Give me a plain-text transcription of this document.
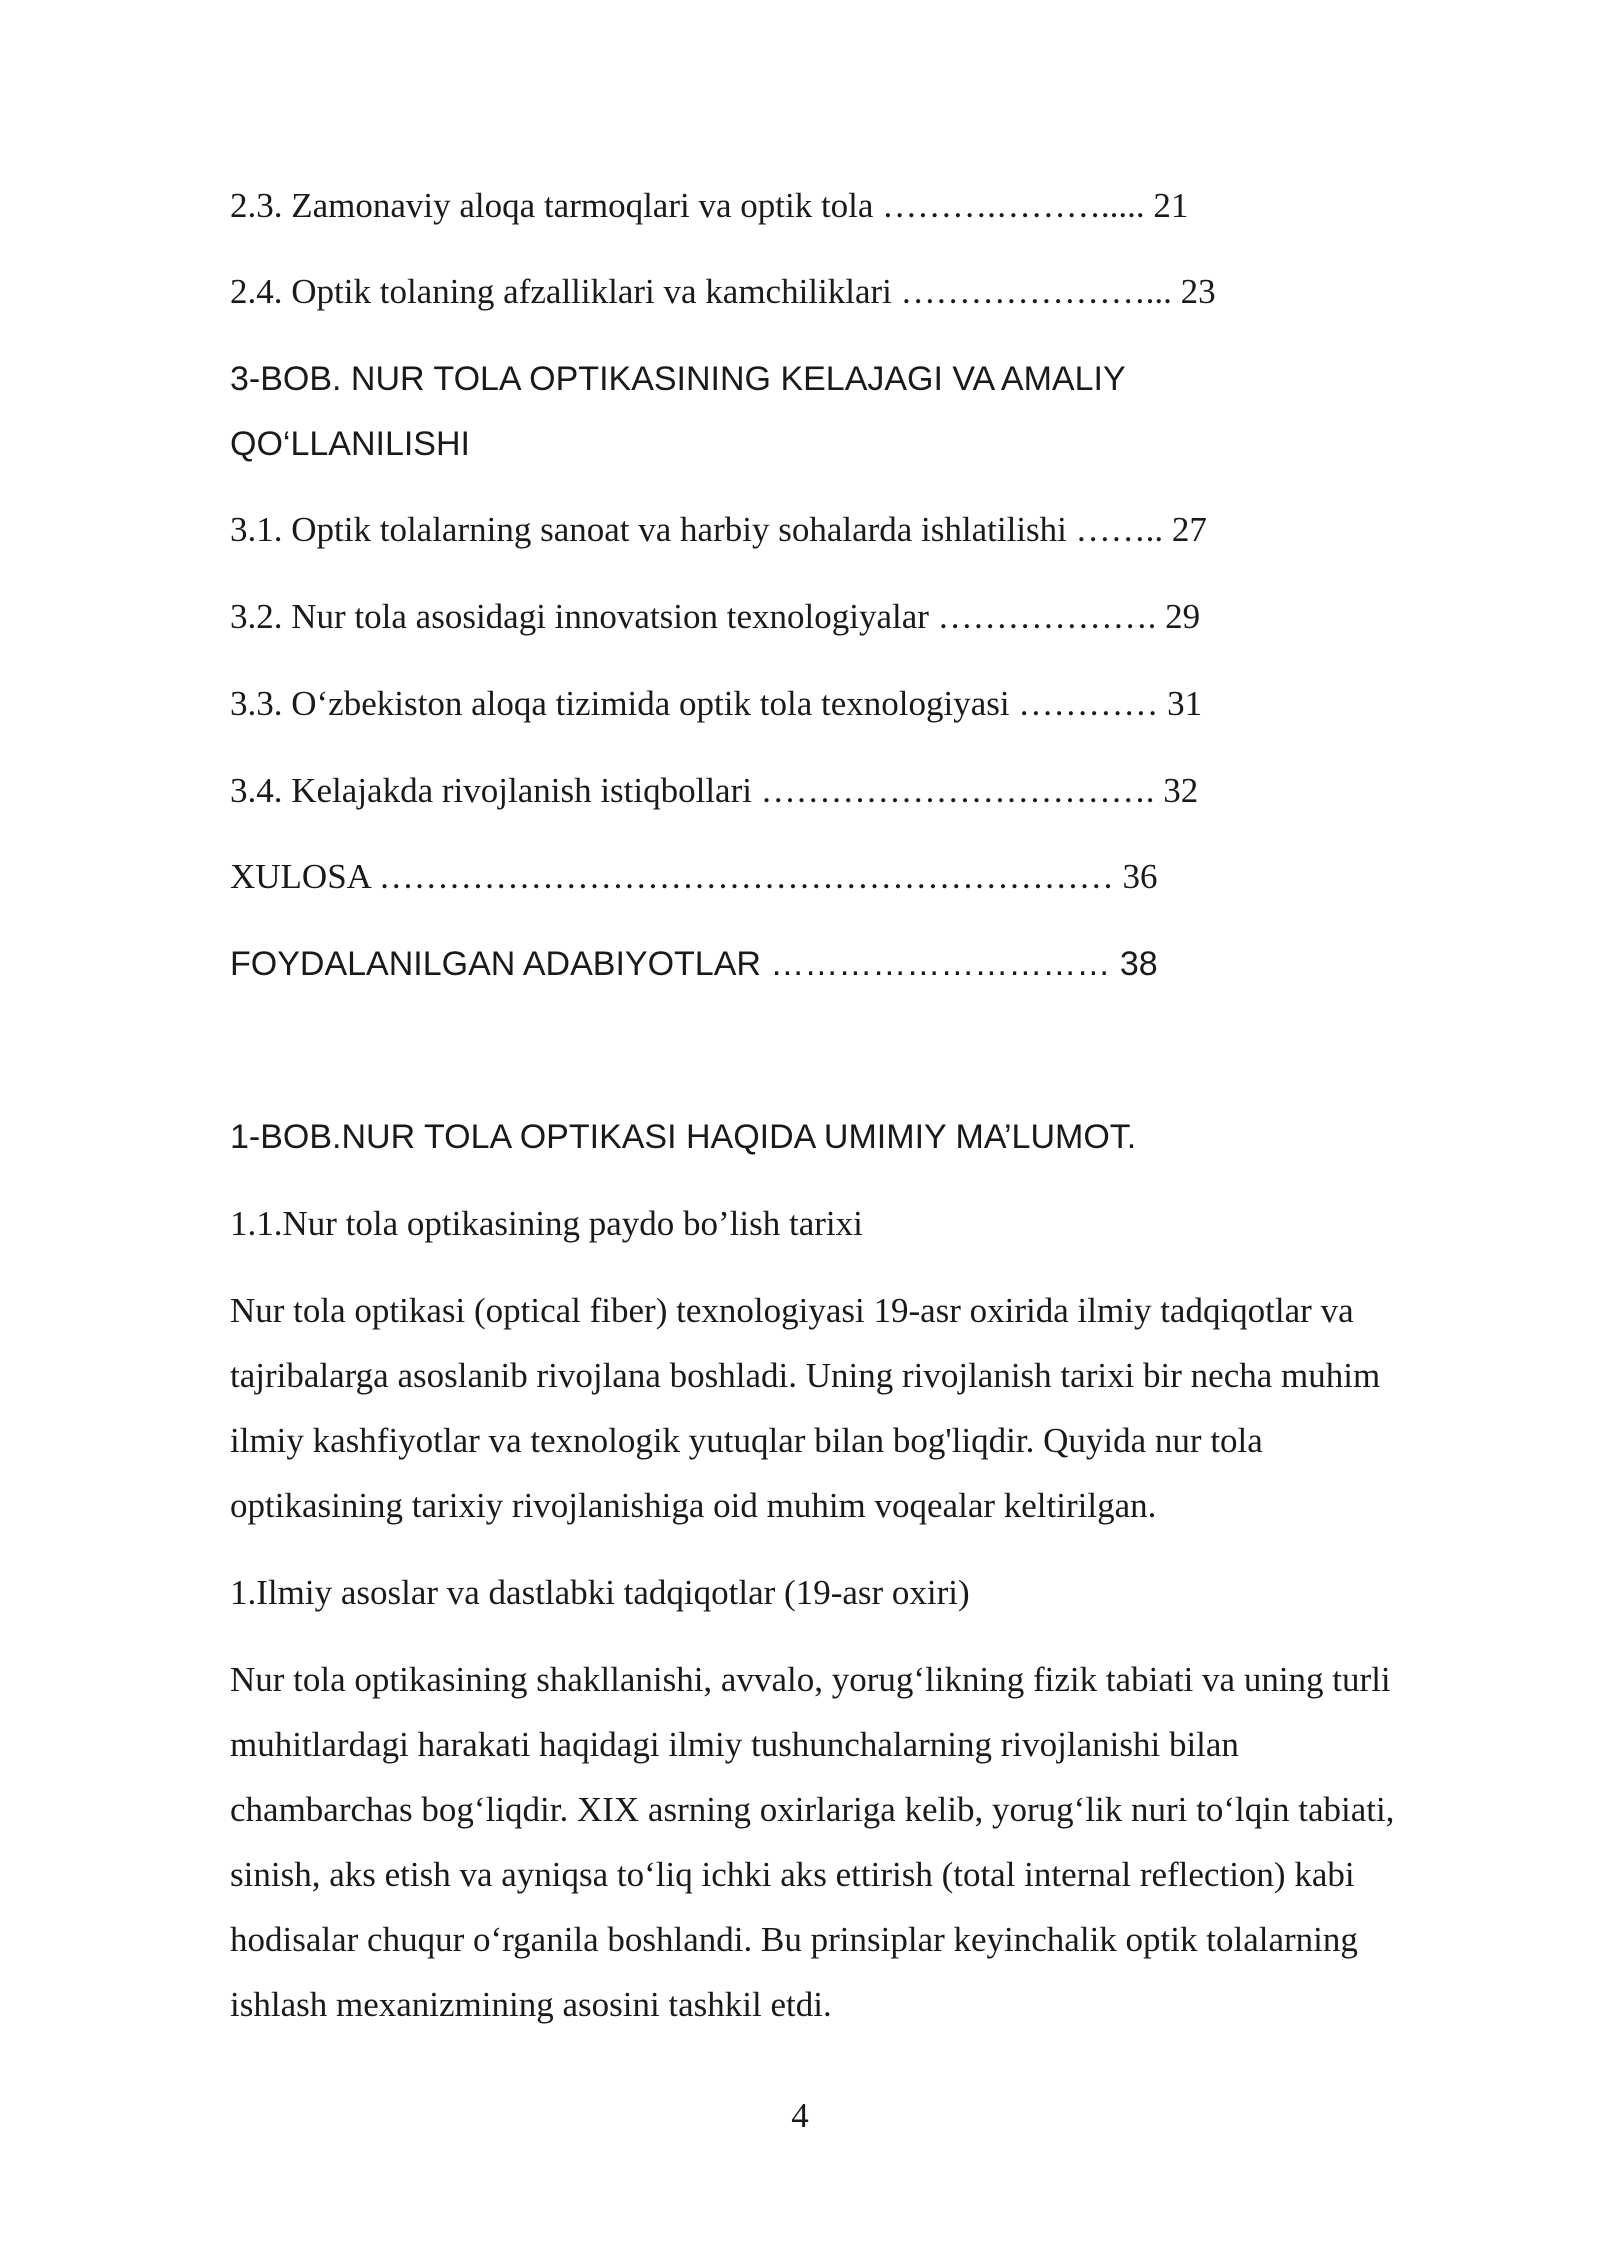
2.3. Zamonaviy aloqa tarmoqlari va optik tola ……….………..... 21
2.4. Optik tolaning afzalliklari va kamchiliklari …………………... 23
3-BOB. NUR TOLA OPTIKASINING KELAJAGI VA AMALIY
QO‘LLANILISHI
3.1. Optik tolalarning sanoat va harbiy sohalarda ishlatilishi …….. 27
3.2. Nur tola asosidagi innovatsion texnologiyalar ………………. 29
3.3. O‘zbekiston aloqa tizimida optik tola texnologiyasi ………… 31
3.4. Kelajakda rivojlanish istiqbollari ……………………………. 32
XULOSA ……………………………………………………… 36
FOYDALANILGAN ADABIYOTLAR ………………………… 38
1-BOB.NUR TOLA OPTIKASI HAQIDA UMIMIY MA’LUMOT.
1.1.Nur tola optikasining paydo bo’lish tarixi
Nur tola optikasi (optical fiber) texnologiyasi 19-asr oxirida ilmiy tadqiqotlar va
tajribalarga asoslanib rivojlana boshladi. Uning rivojlanish tarixi bir necha muhim
ilmiy kashfiyotlar va texnologik yutuqlar bilan bog'liqdir. Quyida nur tola
optikasining tarixiy rivojlanishiga oid muhim voqealar keltirilgan.
1.Ilmiy asoslar va dastlabki tadqiqotlar (19-asr oxiri)
Nur tola optikasining shakllanishi, avvalo, yorug‘likning fizik tabiati va uning turli
muhitlardagi harakati haqidagi ilmiy tushunchalarning rivojlanishi bilan
chambarchas bog‘liqdir. XIX asrning oxirlariga kelib, yorug‘lik nuri to‘lqin tabiati,
sinish, aks etish va ayniqsa to‘liq ichki aks ettirish (total internal reflection) kabi
hodisalar chuqur o‘rganila boshlandi. Bu prinsiplar keyinchalik optik tolalarning
ishlash mexanizmining asosini tashkil etdi.
4
